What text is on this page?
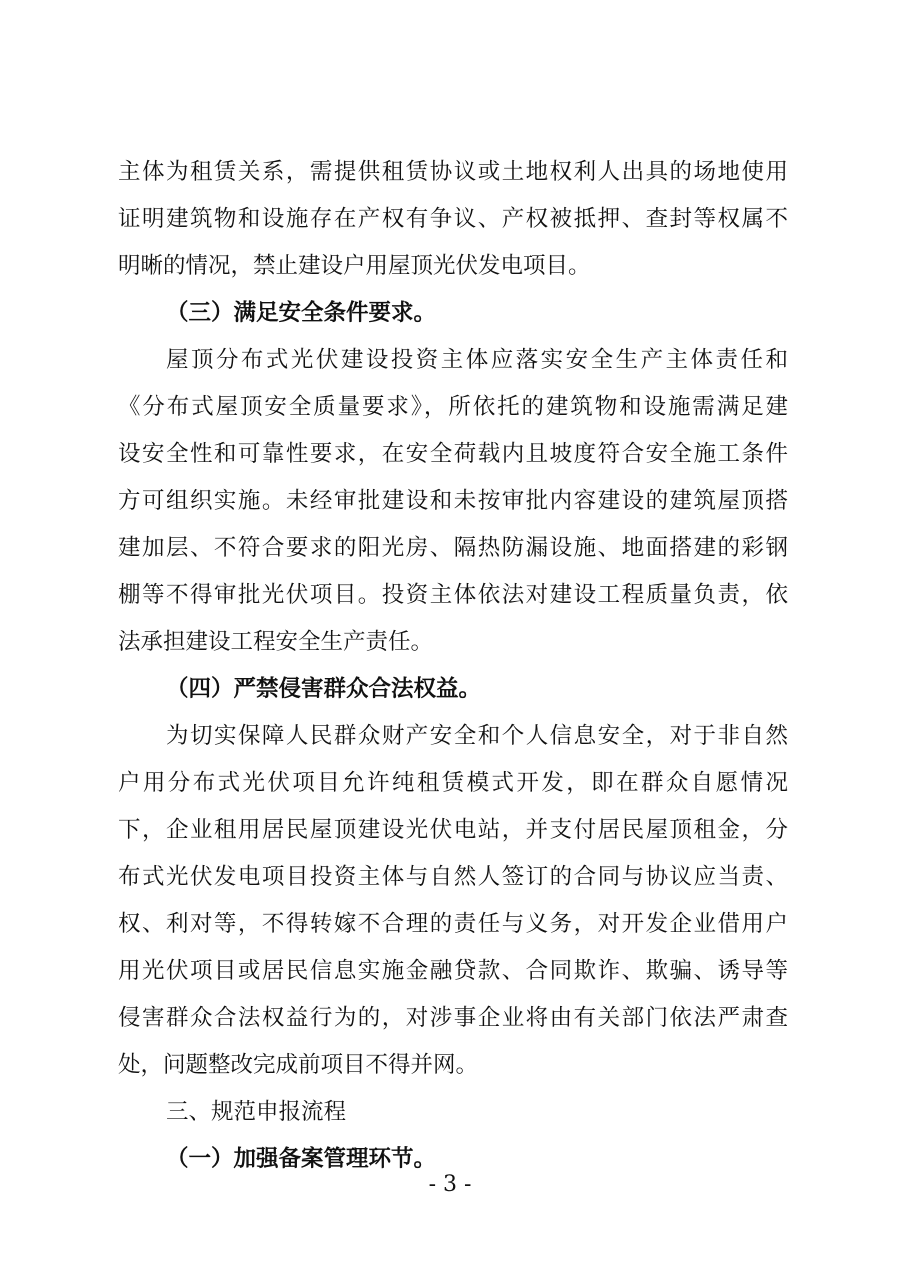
主体为租赁关系，需提供租赁协议或土地权利人出具的场地使用
证明建筑物和设施存在产权有争议、产权被抵押、查封等权属不
明晰的情况，禁止建设户用屋顶光伏发电项目。
（三）满足安全条件要求。
屋顶分布式光伏建设投资主体应落实安全生产主体责任和
《分布式屋顶安全质量要求》，所依托的建筑物和设施需满足建
设安全性和可靠性要求，在安全荷载内且坡度符合安全施工条件
方可组织实施。未经审批建设和未按审批内容建设的建筑屋顶搭
建加层、不符合要求的阳光房、隔热防漏设施、地面搭建的彩钢
棚等不得审批光伏项目。投资主体依法对建设工程质量负责，依
法承担建设工程安全生产责任。
（四）严禁侵害群众合法权益。
为切实保障人民群众财产安全和个人信息安全，对于非自然
户用分布式光伏项目允许纯租赁模式开发，即在群众自愿情况
下，企业租用居民屋顶建设光伏电站，并支付居民屋顶租金，分
布式光伏发电项目投资主体与自然人签订的合同与协议应当责、
权、利对等，不得转嫁不合理的责任与义务，对开发企业借用户
用光伏项目或居民信息实施金融贷款、合同欺诈、欺骗、诱导等
侵害群众合法权益行为的，对涉事企业将由有关部门依法严肃查
处，问题整改完成前项目不得并网。
三、规范申报流程
（一）加强备案管理环节。
- 3 -
